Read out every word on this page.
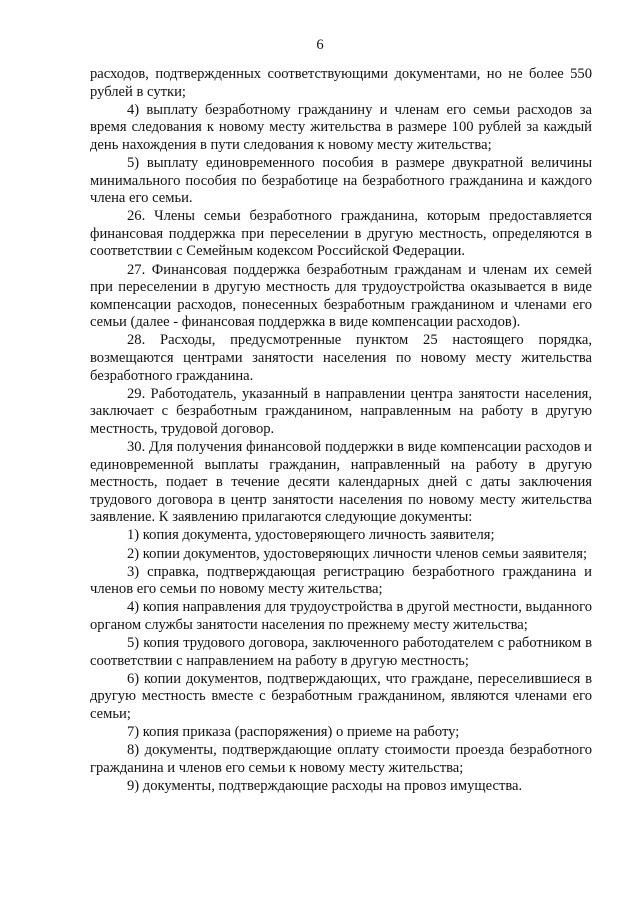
6

расходов, подтвержденных соответствующими документами, но не более 550 рублей в сутки;

4) выплату безработному гражданину и членам его семьи расходов за время следования к новому месту жительства в размере 100 рублей за каждый день нахождения в пути следования к новому месту жительства;

5) выплату единовременного пособия в размере двукратной величины минимального пособия по безработице на безработного гражданина и каждого члена его семьи.

26. Члены семьи безработного гражданина, которым предоставляется финансовая поддержка при переселении в другую местность, определяются в соответствии с Семейным кодексом Российской Федерации.

27. Финансовая поддержка безработным гражданам и членам их семей при переселении в другую местность для трудоустройства оказывается в виде компенсации расходов, понесенных безработным гражданином и членами его семьи (далее - финансовая поддержка в виде компенсации расходов).

28. Расходы, предусмотренные пунктом 25 настоящего порядка, возмещаются центрами занятости населения по новому месту жительства безработного гражданина.

29. Работодатель, указанный в направлении центра занятости населения, заключает с безработным гражданином, направленным на работу в другую местность, трудовой договор.

30. Для получения финансовой поддержки в виде компенсации расходов и единовременной выплаты гражданин, направленный на работу в другую местность, подает в течение десяти календарных дней с даты заключения трудового договора в центр занятости населения по новому месту жительства заявление. К заявлению прилагаются следующие документы:

1) копия документа, удостоверяющего личность заявителя;

2) копии документов, удостоверяющих личности членов семьи заявителя;

3) справка, подтверждающая регистрацию безработного гражданина и членов его семьи по новому месту жительства;

4) копия направления для трудоустройства в другой местности, выданного органом службы занятости населения по прежнему месту жительства;

5) копия трудового договора, заключенного работодателем с работником в соответствии с направлением на работу в другую местность;

6) копии документов, подтверждающих, что граждане, переселившиеся в другую местность вместе с безработным гражданином, являются членами его семьи;

7) копия приказа (распоряжения) о приеме на работу;

8) документы, подтверждающие оплату стоимости проезда безработного гражданина и членов его семьи к новому месту жительства;

9) документы, подтверждающие расходы на провоз имущества.
